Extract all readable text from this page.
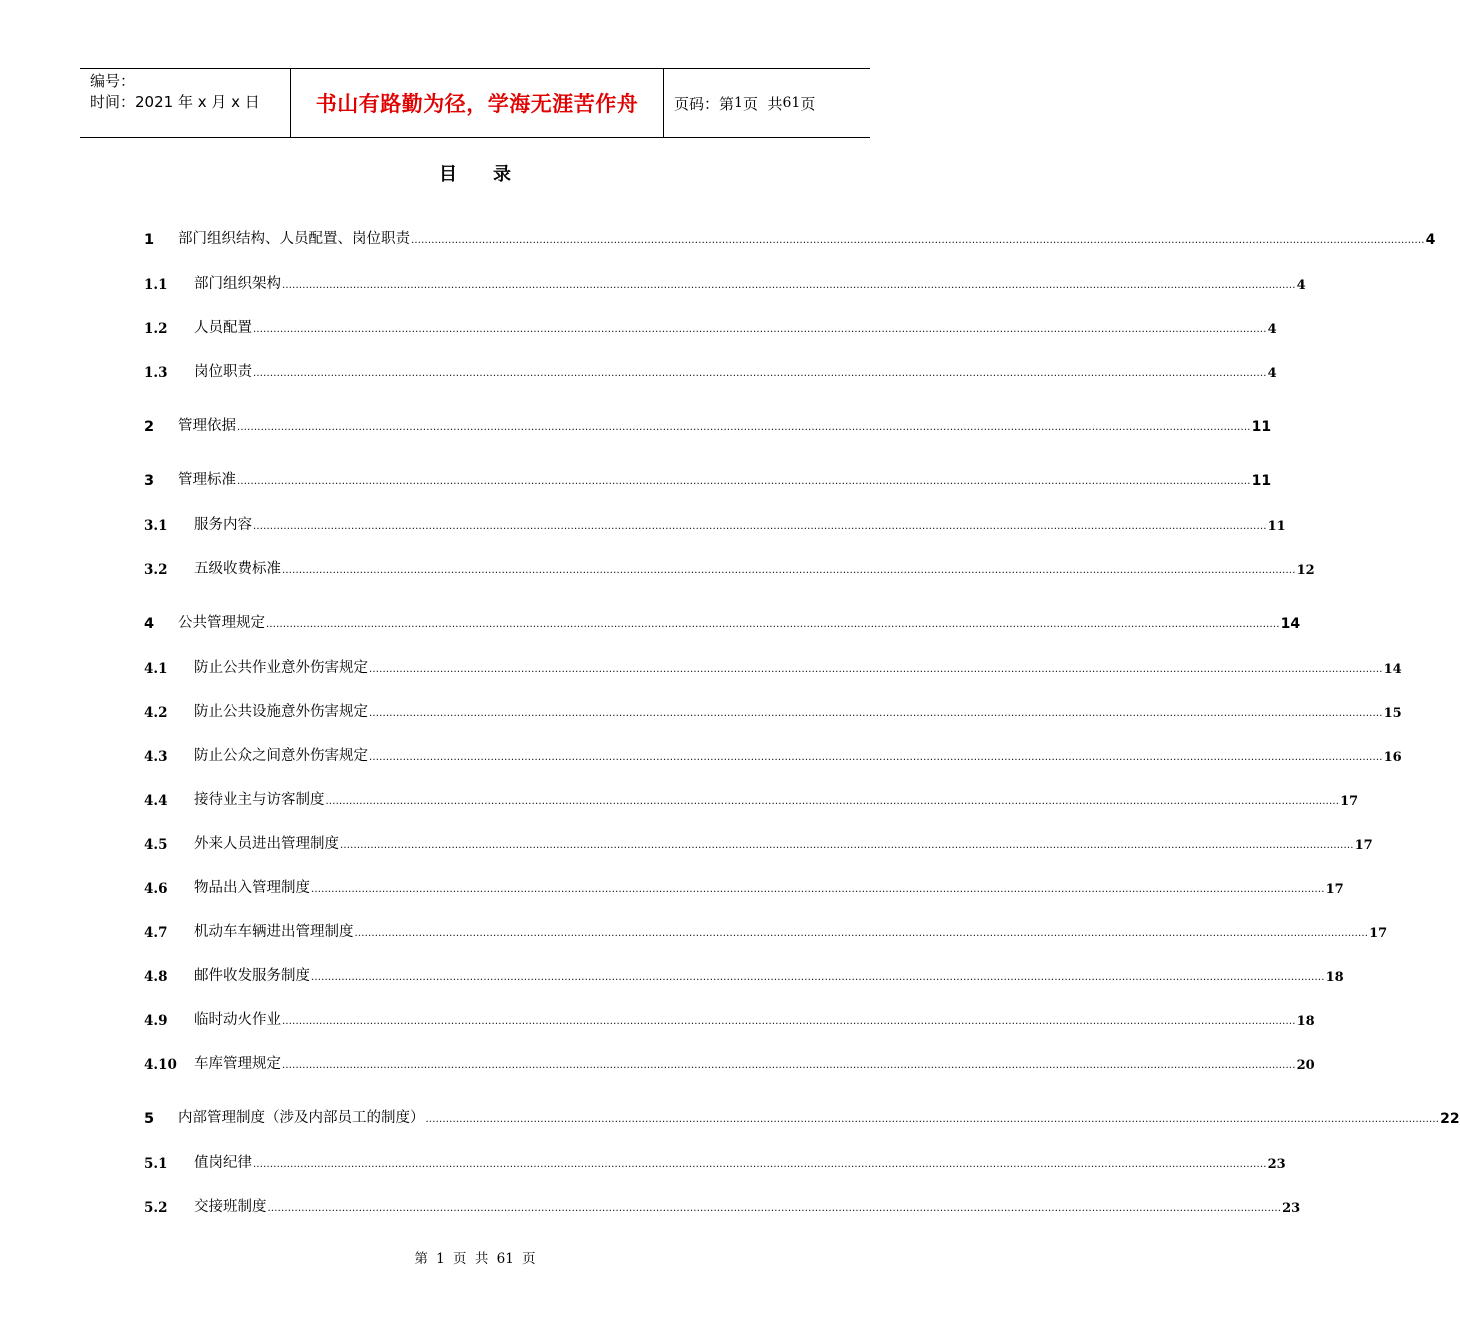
编号：
时间：2021 年 x 月 x 日	书山有路勤为径，学海无涯苦作舟	页码：第 1 页  共 61 页
目录
1	部门组织结构、人员配置、岗位职责 ............................................................................................................................................................................................................................................................................................................ 4
1.1	部门组织架构 ............................................................................................................................................................................................................................................................................................................ 4
1.2	人员配置 ............................................................................................................................................................................................................................................................................................................ 4
1.3	岗位职责 ............................................................................................................................................................................................................................................................................................................ 4
2	管理依据 ............................................................................................................................................................................................................................................................................................................ 11
3	管理标准 ............................................................................................................................................................................................................................................................................................................ 11
3.1	服务内容 ............................................................................................................................................................................................................................................................................................................ 11
3.2	五级收费标准 ............................................................................................................................................................................................................................................................................................................ 12
4	公共管理规定 ............................................................................................................................................................................................................................................................................................................ 14
4.1	防止公共作业意外伤害规定 ............................................................................................................................................................................................................................................................................................................ 14
4.2	防止公共设施意外伤害规定 ............................................................................................................................................................................................................................................................................................................ 15
4.3	防止公众之间意外伤害规定 ............................................................................................................................................................................................................................................................................................................ 16
4.4	接待业主与访客制度 ............................................................................................................................................................................................................................................................................................................ 17
4.5	外来人员进出管理制度 ............................................................................................................................................................................................................................................................................................................ 17
4.6	物品出入管理制度 ............................................................................................................................................................................................................................................................................................................ 17
4.7	机动车车辆进出管理制度 ............................................................................................................................................................................................................................................................................................................ 17
4.8	邮件收发服务制度 ............................................................................................................................................................................................................................................................................................................ 18
4.9	临时动火作业 ............................................................................................................................................................................................................................................................................................................ 18
4.10	车库管理规定 ............................................................................................................................................................................................................................................................................................................ 20
5	内部管理制度（涉及内部员工的制度） ............................................................................................................................................................................................................................................................................................................ 22
5.1	值岗纪律 ............................................................................................................................................................................................................................................................................................................ 23
5.2	交接班制度 ............................................................................................................................................................................................................................................................................................................ 23
第 1 页 共 61 页
